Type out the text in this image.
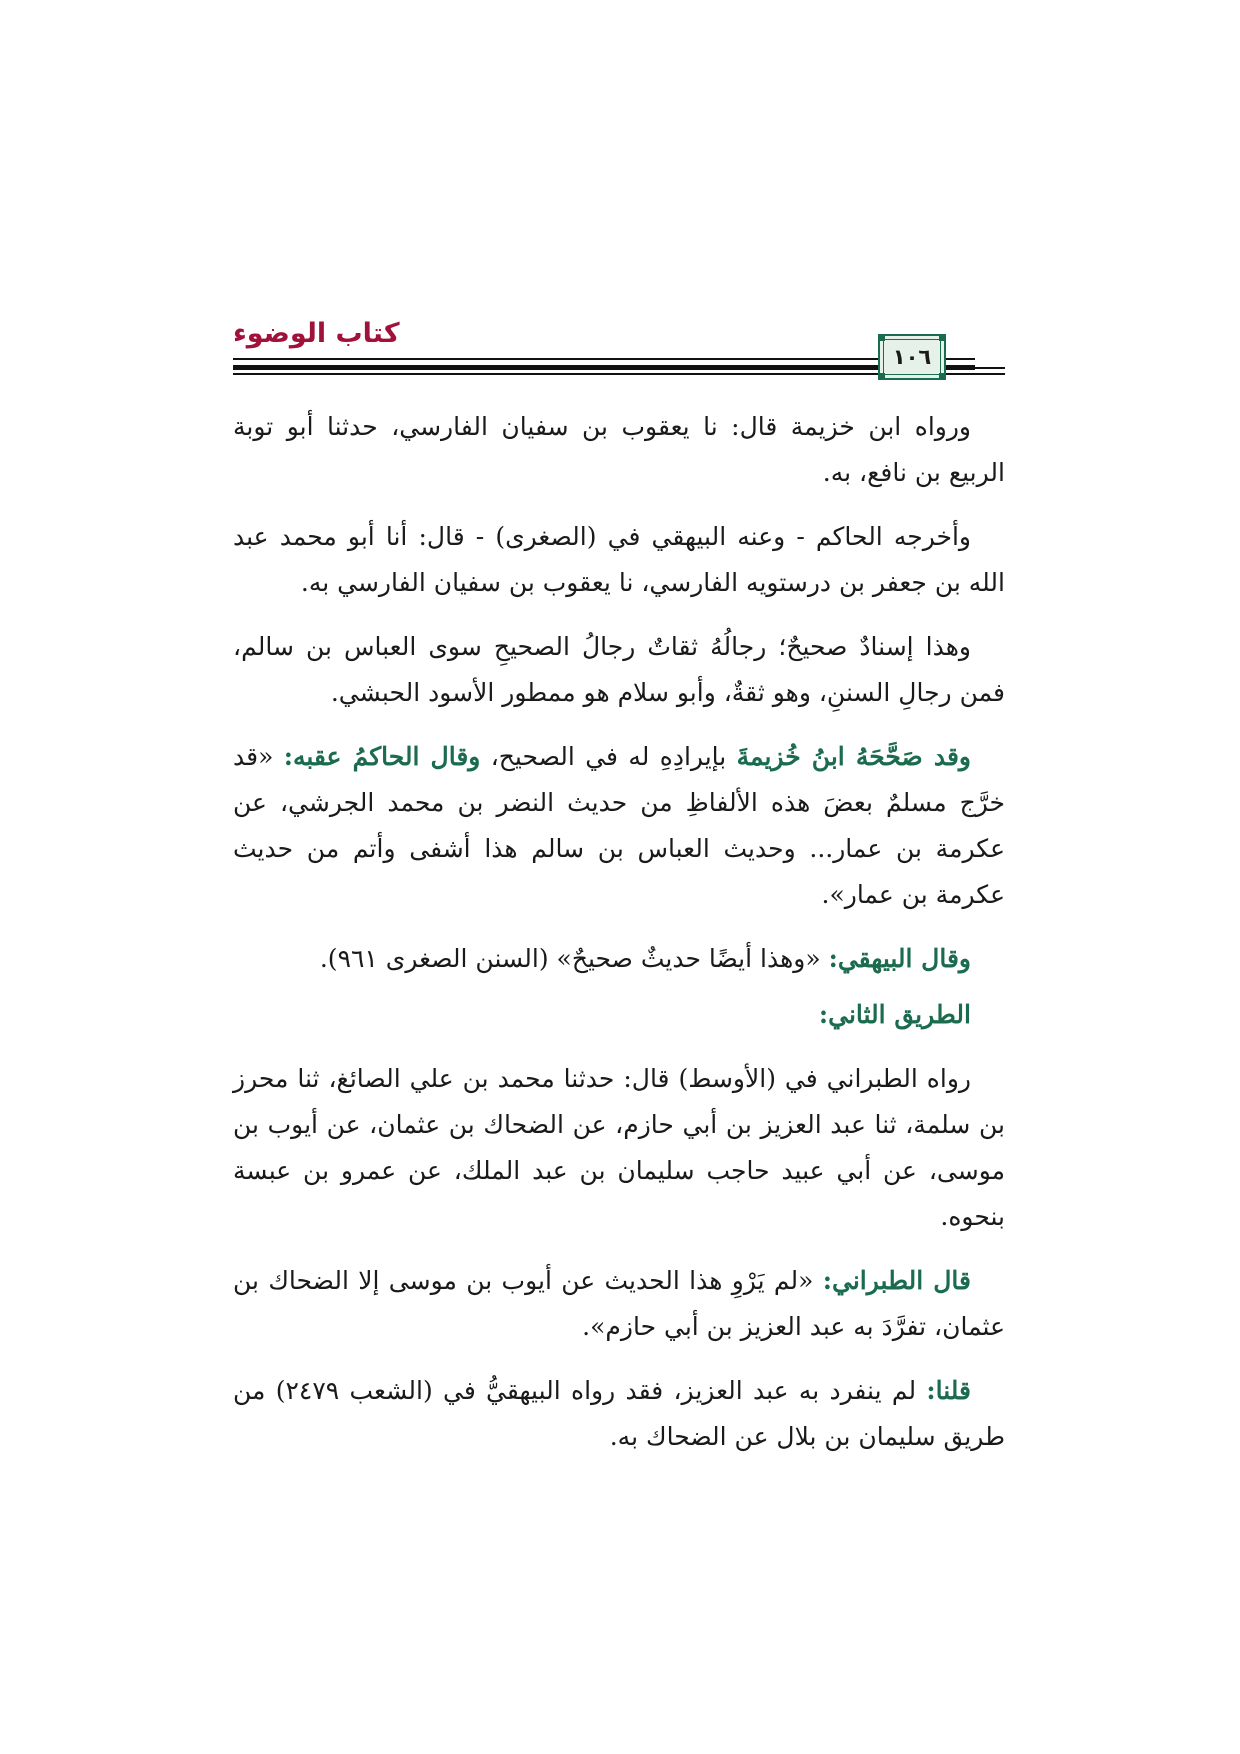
كتاب الوضوء
١٠٦

ورواه ابن خزيمة قال: نا يعقوب بن سفيان الفارسي، حدثنا أبو توبة الربيع بن نافع، به.

وأخرجه الحاكم - وعنه البيهقي في (الصغرى) - قال: أنا أبو محمد عبد الله بن جعفر بن درستويه الفارسي، نا يعقوب بن سفيان الفارسي به.

وهذا إسنادٌ صحيحٌ؛ رجالُهُ ثقاتٌ رجالُ الصحيحِ سوى العباس بن سالم، فمن رجالِ السننِ، وهو ثقةٌ، وأبو سلام هو ممطور الأسود الحبشي.

وقد صَحَّحَهُ ابنُ خُزيمةَ بإيرادِهِ له في الصحيح، وقال الحاكمُ عقبه: «قد خرَّج مسلمٌ بعضَ هذه الألفاظِ من حديث النضر بن محمد الجرشي، عن عكرمة بن عمار... وحديث العباس بن سالم هذا أشفى وأتم من حديث عكرمة بن عمار».

وقال البيهقي: «وهذا أيضًا حديثٌ صحيحٌ» (السنن الصغرى ٩٦١).

الطريق الثاني:

رواه الطبراني في (الأوسط) قال: حدثنا محمد بن علي الصائغ، ثنا محرز بن سلمة، ثنا عبد العزيز بن أبي حازم، عن الضحاك بن عثمان، عن أيوب بن موسى، عن أبي عبيد حاجب سليمان بن عبد الملك، عن عمرو بن عبسة بنحوه.

قال الطبراني: «لم يَرْوِ هذا الحديث عن أيوب بن موسى إلا الضحاك بن عثمان، تفرَّدَ به عبد العزيز بن أبي حازم».

قلنا: لم ينفرد به عبد العزيز، فقد رواه البيهقيُّ في (الشعب ٢٤٧٩) من طريق سليمان بن بلال عن الضحاك به.
